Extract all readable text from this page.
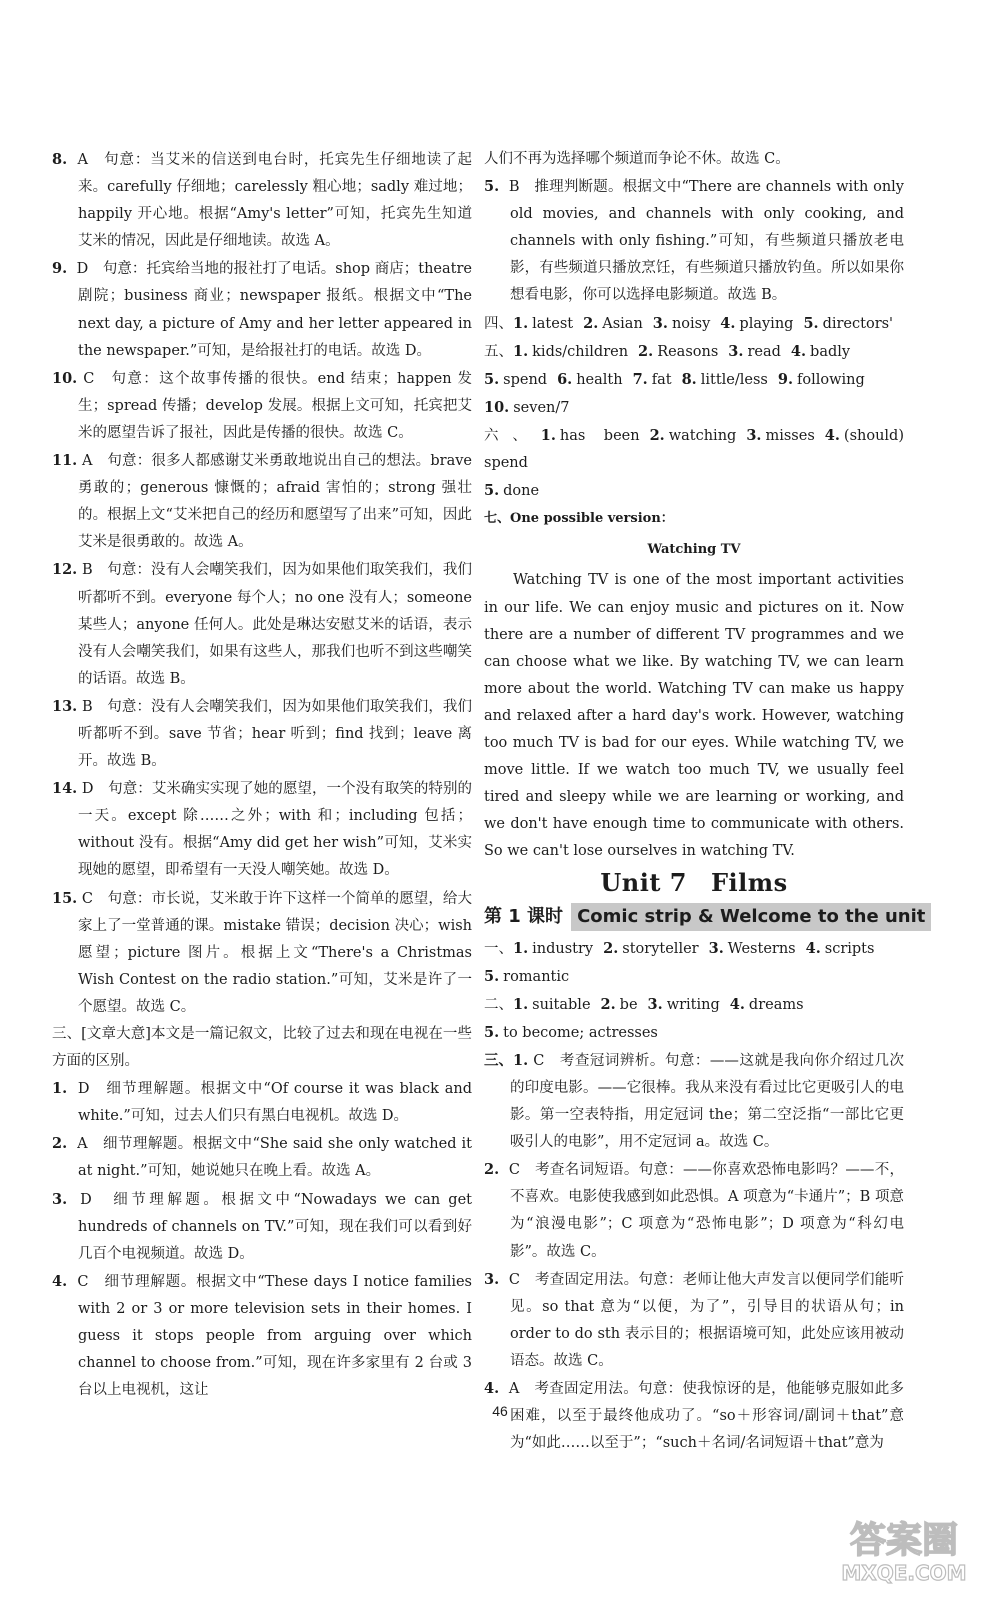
8. A　句意：当艾米的信送到电台时，托宾先生仔细地读了起来。carefully 仔细地；carelessly 粗心地；sadly 难过地；happily 开心地。根据“Amy's letter”可知，托宾先生知道艾米的情况，因此是仔细地读。故选 A。

9. D　句意：托宾给当地的报社打了电话。shop 商店；theatre 剧院；business 商业；newspaper 报纸。根据文中“The next day, a picture of Amy and her letter appeared in the newspaper.”可知，是给报社打的电话。故选 D。

10. C　句意：这个故事传播的很快。end 结束；happen 发生；spread 传播；develop 发展。根据上文可知，托宾把艾米的愿望告诉了报社，因此是传播的很快。故选 C。

11. A　句意：很多人都感谢艾米勇敢地说出自己的想法。brave 勇敢的；generous 慷慨的；afraid 害怕的；strong 强壮的。根据上文“艾米把自己的经历和愿望写了出来”可知，因此艾米是很勇敢的。故选 A。

12. B　句意：没有人会嘲笑我们，因为如果他们取笑我们，我们听都听不到。everyone 每个人；no one 没有人；someone 某些人；anyone 任何人。此处是琳达安慰艾米的话语，表示没有人会嘲笑我们，如果有这些人，那我们也听不到这些嘲笑的话语。故选 B。

13. B　句意：没有人会嘲笑我们，因为如果他们取笑我们，我们听都听不到。save 节省；hear 听到；find 找到；leave 离开。故选 B。

14. D　句意：艾米确实实现了她的愿望，一个没有取笑的特别的一天。except 除……之外；with 和；including 包括；without 没有。根据“Amy did get her wish”可知，艾米实现她的愿望，即希望有一天没人嘲笑她。故选 D。

15. C　句意：市长说，艾米敢于许下这样一个简单的愿望，给大家上了一堂普通的课。mistake 错误；decision 决心；wish 愿望；picture 图片。根据上文“There's a Christmas Wish Contest on the radio station.”可知，艾米是许了一个愿望。故选 C。

三、[文章大意]本文是一篇记叙文，比较了过去和现在电视在一些方面的区别。

1. D　细节理解题。根据文中“Of course it was black and white.”可知，过去人们只有黑白电视机。故选 D。

2. A　细节理解题。根据文中“She said she only watched it at night.”可知，她说她只在晚上看。故选 A。

3. D　细节理解题。根据文中“Nowadays we can get hundreds of channels on TV.”可知，现在我们可以看到好几百个电视频道。故选 D。

4. C　细节理解题。根据文中“These days I notice families with 2 or 3 or more television sets in their homes. I guess it stops people from arguing over which channel to choose from.”可知，现在许多家里有 2 台或 3 台以上电视机，这让

人们不再为选择哪个频道而争论不休。故选 C。

5. B　推理判断题。根据文中“There are channels with only old movies, and channels with only cooking, and channels with only fishing.”可知，有些频道只播放老电影，有些频道只播放烹饪，有些频道只播放钓鱼。所以如果你想看电影，你可以选择电影频道。故选 B。

四、1. latest 2. Asian 3. noisy 4. playing 5. directors'

五、1. kids/children 2. Reasons 3. read 4. badly

5. spend 6. health 7. fat 8. little/less 9. following

10. seven/7

六、1. has been 2. watching 3. misses 4. (should) spend

5. done

七、One possible version：

Watching TV

Watching TV is one of the most important activities in our life. We can enjoy music and pictures on it. Now there are a number of different TV programmes and we can choose what we like. By watching TV, we can learn more about the world. Watching TV can make us happy and relaxed after a hard day's work. However, watching too much TV is bad for our eyes. While watching TV, we move little. If we watch too much TV, we usually feel tired and sleepy while we are learning or working, and we don't have enough time to communicate with others. So we can't lose ourselves in watching TV.

Unit 7 Films

第 1 课时 Comic strip & Welcome to the unit

一、1. industry 2. storyteller 3. Westerns 4. scripts

5. romantic

二、1. suitable 2. be 3. writing 4. dreams

5. to become; actresses

三、1. C　考查冠词辨析。句意：——这就是我向你介绍过几次的印度电影。——它很棒。我从来没有看过比它更吸引人的电影。第一空表特指，用定冠词 the；第二空泛指“一部比它更吸引人的电影”，用不定冠词 a。故选 C。

2. C　考查名词短语。句意：——你喜欢恐怖电影吗？——不，不喜欢。电影使我感到如此恐惧。A 项意为“卡通片”；B 项意为“浪漫电影”；C 项意为“恐怖电影”；D 项意为“科幻电影”。故选 C。

3. C　考查固定用法。句意：老师让他大声发言以便同学们能听见。so that 意为“以便，为了”，引导目的状语从句；in order to do sth 表示目的；根据语境可知，此处应该用被动语态。故选 C。

4. A　考查固定用法。句意：使我惊讶的是，他能够克服如此多困难，以至于最终他成功了。“so＋形容词/副词＋that”意为“如此……以至于”；“such＋名词/名词短语＋that”意为

46
答案圈
MXQE.COM
